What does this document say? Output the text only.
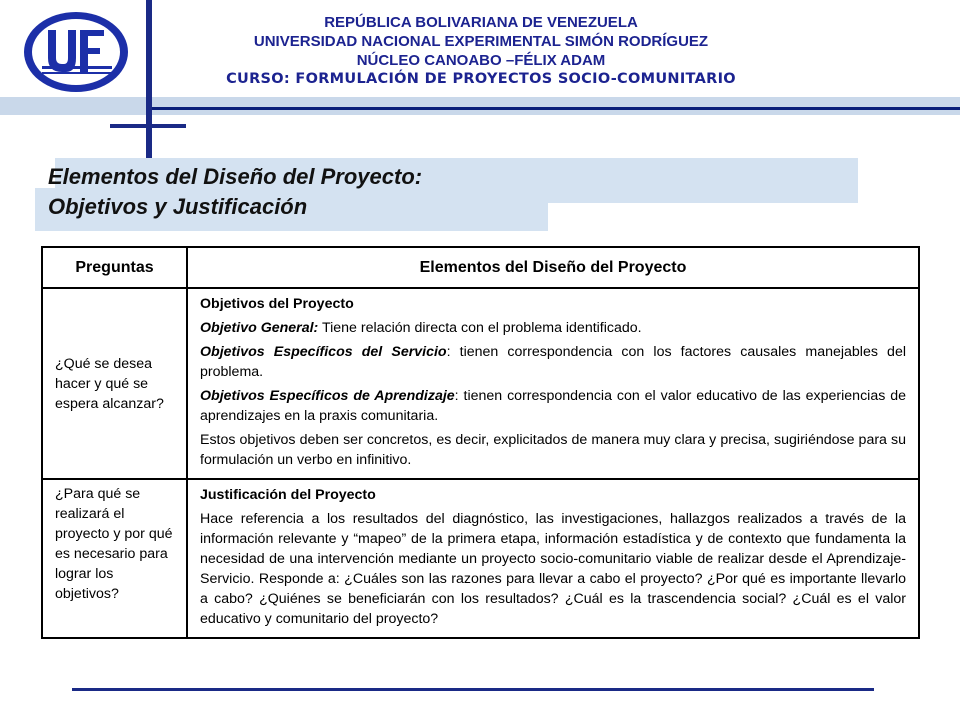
REPÚBLICA BOLIVARIANA DE VENEZUELA
UNIVERSIDAD NACIONAL EXPERIMENTAL SIMÓN RODRÍGUEZ
NÚCLEO CANOABO –FÉLIX ADAM
CURSO: FORMULACIÓN DE PROYECTOS SOCIO-COMUNITARIO
Elementos del Diseño del Proyecto:
Objetivos y Justificación
Preguntas	Elementos del Diseño del Proyecto
¿Qué se desea hacer y qué se espera alcanzar?	Objetivos del Proyecto

Objetivo General: Tiene relación directa con el problema identificado.

Objetivos Específicos del Servicio: tienen correspondencia con los factores causales manejables del problema.

Objetivos Específicos de Aprendizaje: tienen correspondencia con el valor educativo de las experiencias de aprendizajes en la praxis comunitaria.

Estos objetivos deben ser concretos, es decir, explicitados de manera muy clara y precisa, sugiriéndose para su formulación un verbo en infinitivo.

¿Para qué se realizará el proyecto y por qué es necesario para lograr los objetivos?	Justificación del Proyecto

Hace referencia a los resultados del diagnóstico, las investigaciones, hallazgos realizados a través de la información relevante y “mapeo” de la primera etapa, información estadística y de contexto que fundamenta la necesidad de una intervención mediante un proyecto socio-comunitario viable de realizar desde el Aprendizaje-Servicio. Responde a: ¿Cuáles son las razones para llevar a cabo el proyecto? ¿Por qué es importante llevarlo a cabo? ¿Quiénes se beneficiarán con los resultados? ¿Cuál es la trascendencia social? ¿Cuál es el valor educativo y comunitario del proyecto?
